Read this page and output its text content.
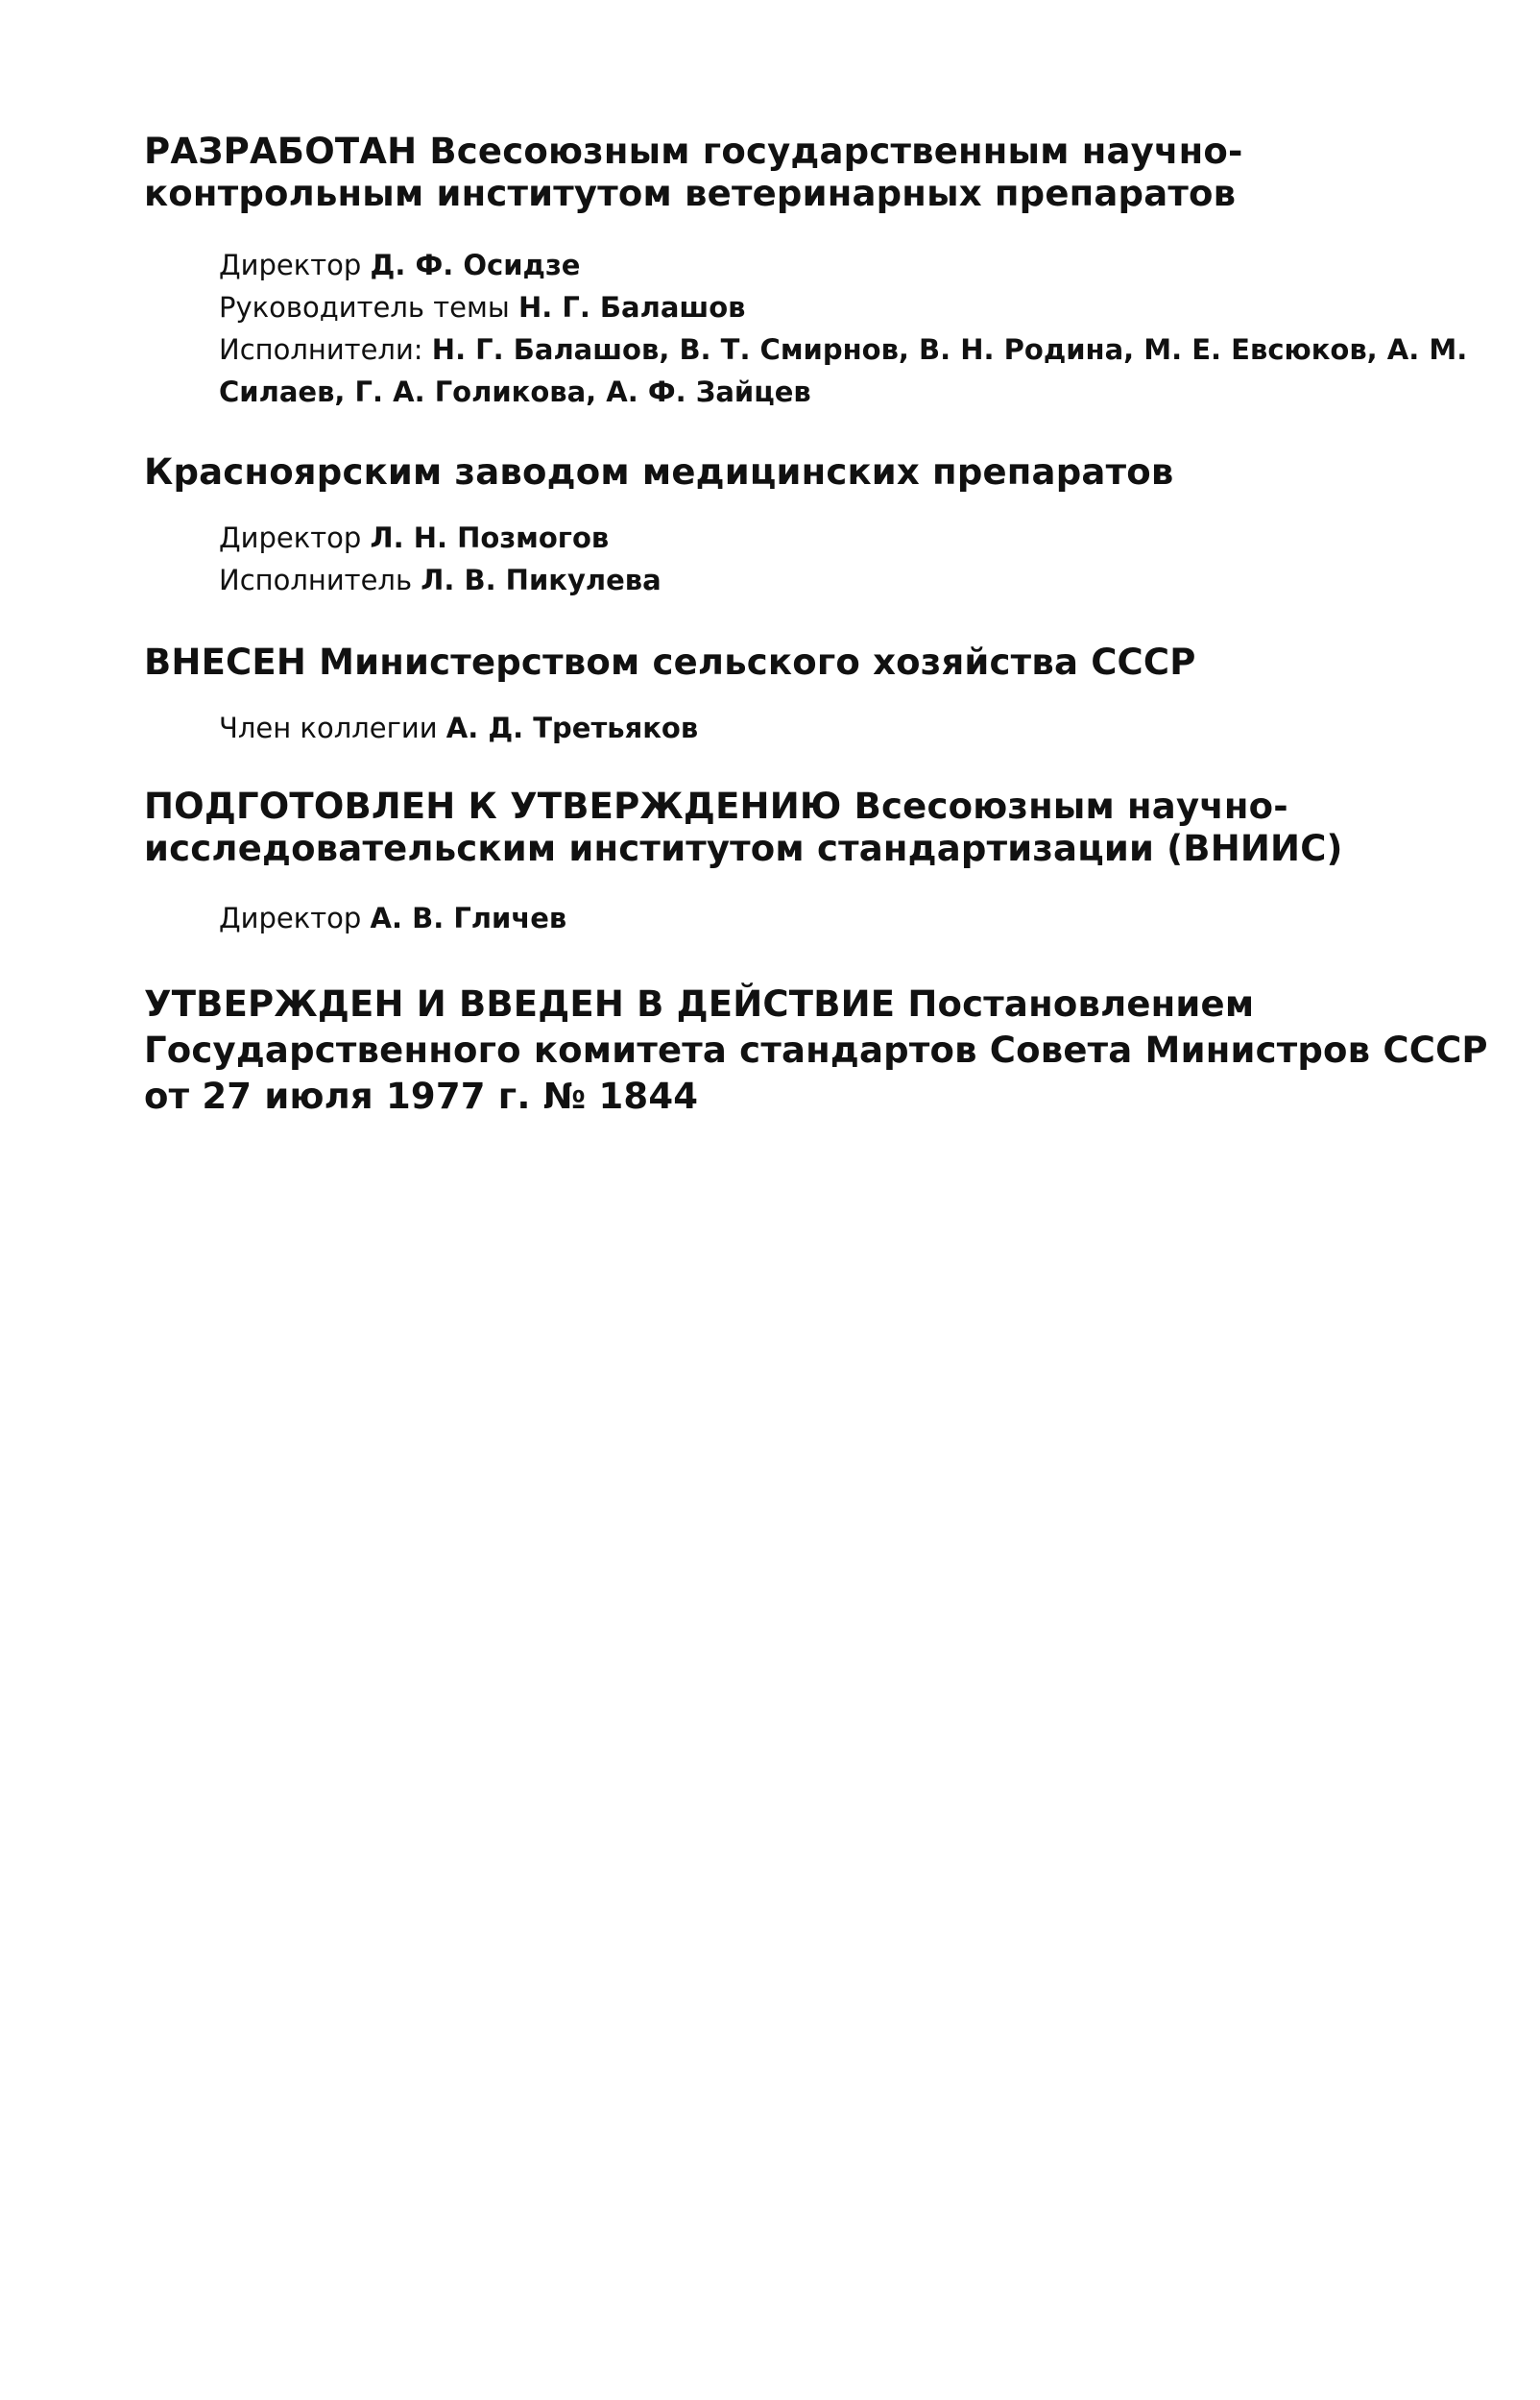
РАЗРАБОТАН Всесоюзным государственным научно-контрольным институтом ветеринарных препаратов

Директор Д. Ф. Осидзе

Руководитель темы Н. Г. Балашов

Исполнители: Н. Г. Балашов, В. Т. Смирнов, В. Н. Родина, М. Е. Евсюков, А. М. Силаев, Г. А. Голикова, А. Ф. Зайцев

Красноярским заводом медицинских препаратов

Директор Л. Н. Позмогов

Исполнитель Л. В. Пикулева

ВНЕСЕН Министерством сельского хозяйства СССР

Член коллегии А. Д. Третьяков

ПОДГОТОВЛЕН К УТВЕРЖДЕНИЮ Всесоюзным научно-исследовательским институтом стандартизации (ВНИИС)

Директор А. В. Гличев

УТВЕРЖДЕН И ВВЕДЕН В ДЕЙСТВИЕ Постановлением Государственного комитета стандартов Совета Министров СССР от 27 июля 1977 г. № 1844
